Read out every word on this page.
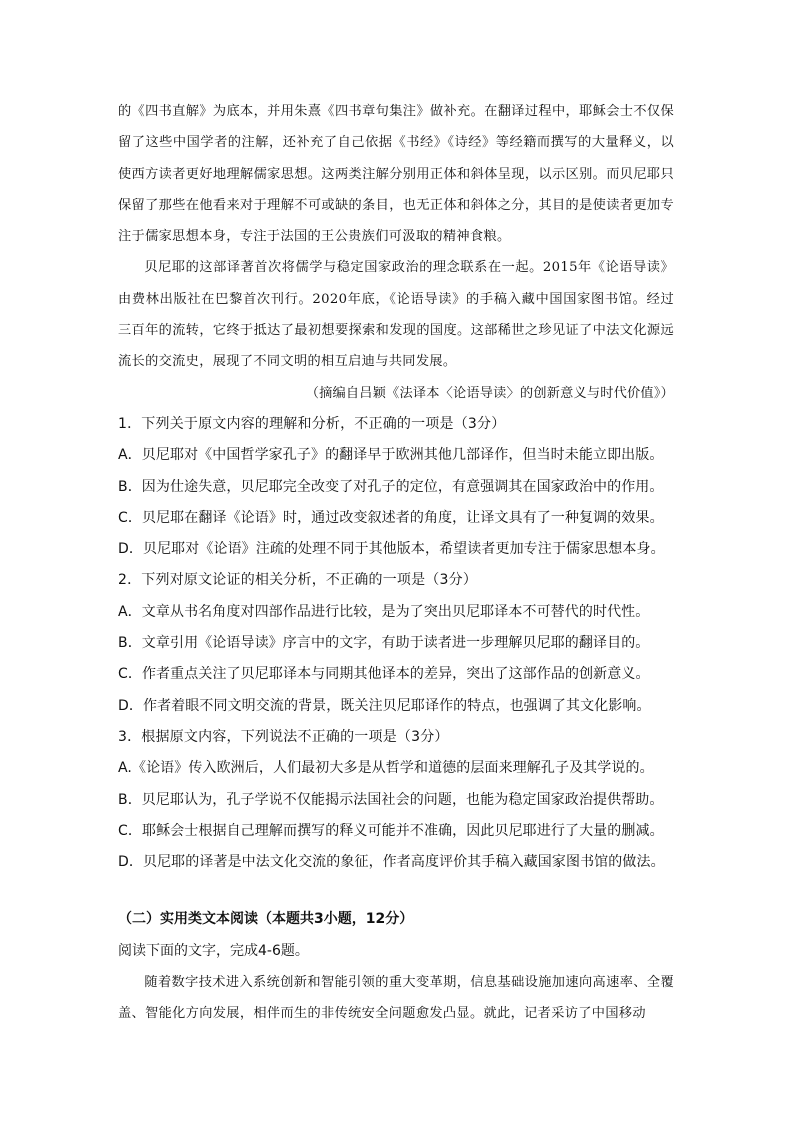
的《四书直解》为底本，并用朱熹《四书章句集注》做补充。在翻译过程中，耶稣会士不仅保留了这些中国学者的注解，还补充了自己依据《书经》《诗经》等经籍而撰写的大量释义，以使西方读者更好地理解儒家思想。这两类注解分别用正体和斜体呈现，以示区别。而贝尼耶只保留了那些在他看来对于理解不可或缺的条目，也无正体和斜体之分，其目的是使读者更加专注于儒家思想本身，专注于法国的王公贵族们可汲取的精神食粮。

贝尼耶的这部译著首次将儒学与稳定国家政治的理念联系在一起。2015年《论语导读》由费林出版社在巴黎首次刊行。2020年底，《论语导读》的手稿入藏中国国家图书馆。经过三百年的流转，它终于抵达了最初想要探索和发现的国度。这部稀世之珍见证了中法文化源远流长的交流史，展现了不同文明的相互启迪与共同发展。

（摘编自吕颖《法译本〈论语导读〉的创新意义与时代价值》）

1．下列关于原文内容的理解和分析，不正确的一项是（3分）

A．贝尼耶对《中国哲学家孔子》的翻译早于欧洲其他几部译作，但当时未能立即出版。

B．因为仕途失意，贝尼耶完全改变了对孔子的定位，有意强调其在国家政治中的作用。

C．贝尼耶在翻译《论语》时，通过改变叙述者的角度，让译文具有了一种复调的效果。

D．贝尼耶对《论语》注疏的处理不同于其他版本，希望读者更加专注于儒家思想本身。

2．下列对原文论证的相关分析，不正确的一项是（3分）

A．文章从书名角度对四部作品进行比较，是为了突出贝尼耶译本不可替代的时代性。

B．文章引用《论语导读》序言中的文字，有助于读者进一步理解贝尼耶的翻译目的。

C．作者重点关注了贝尼耶译本与同期其他译本的差异，突出了这部作品的创新意义。

D．作者着眼不同文明交流的背景，既关注贝尼耶译作的特点，也强调了其文化影响。

3．根据原文内容，下列说法不正确的一项是（3分）

A.《论语》传入欧洲后，人们最初大多是从哲学和道德的层面来理解孔子及其学说的。

B．贝尼耶认为，孔子学说不仅能揭示法国社会的问题，也能为稳定国家政治提供帮助。

C．耶稣会士根据自己理解而撰写的释义可能并不准确，因此贝尼耶进行了大量的删减。

D．贝尼耶的译著是中法文化交流的象征，作者高度评价其手稿入藏国家图书馆的做法。

（二）实用类文本阅读（本题共3小题，12分）

阅读下面的文字，完成4-6题。

随着数字技术进入系统创新和智能引领的重大变革期，信息基础设施加速向高速率、全覆盖、智能化方向发展，相伴而生的非传统安全问题愈发凸显。就此，记者采访了中国移动
